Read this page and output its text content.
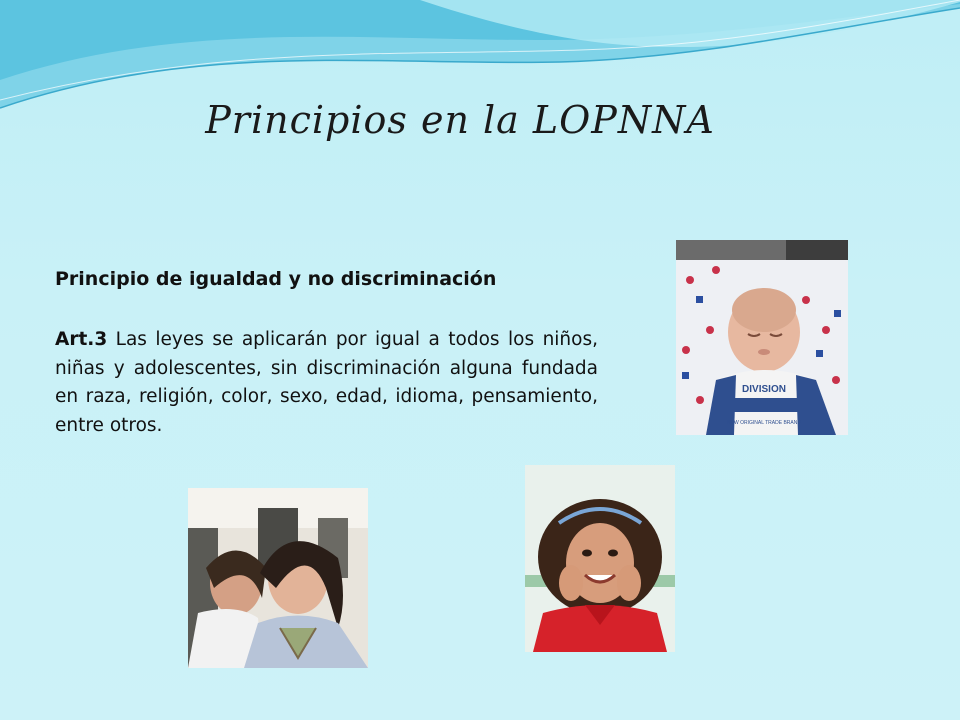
Principios en la LOPNNA
Principio de igualdad y no discriminación
Art.3 Las leyes se aplicarán por igual a todos los niños, niñas y adolescentes, sin discriminación alguna fundada en raza, religión, color, sexo, edad, idioma, pensamiento, entre otros.
DIVISION
NEW ORIGINAL TRADE BRAND
